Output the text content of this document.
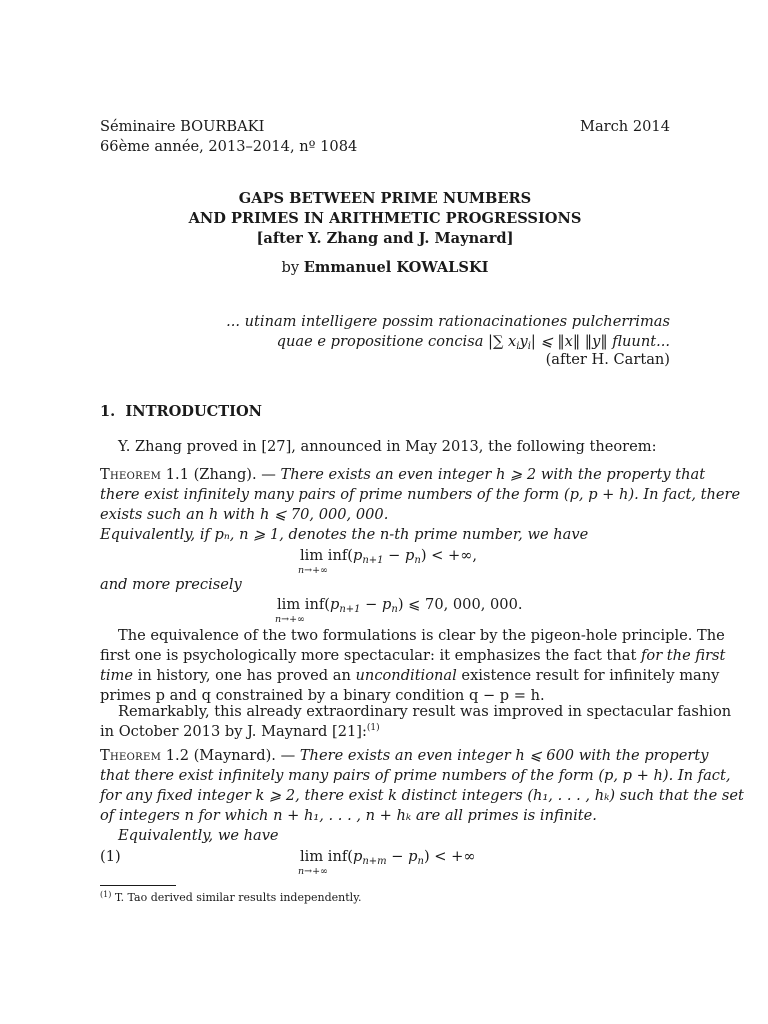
Séminaire BOURBAKI
66ème année, 2013–2014, nº 1084
March 2014
GAPS BETWEEN PRIME NUMBERS
AND PRIMES IN ARITHMETIC PROGRESSIONS
[after Y. Zhang and J. Maynard]
by Emmanuel KOWALSKI
... utinam intelligere possim rationacinationes pulcherrimas
quae e propositione concisa |∑ $x_iy_i|$ ⩽ ‖x‖ ‖y‖ fluunt...
(after H. Cartan)
1. INTRODUCTION
Y. Zhang proved in [27], announced in May 2013, the following theorem:
Theorem 1.1 (Zhang). — There exists an even integer h ⩾ 2 with the property that
there exist infinitely many pairs of prime numbers of the form (p, p + h). In fact, there
exists such an h with h ⩽ 70, 000, 000.
Equivalently, if pₙ, n ⩾ 1, denotes the n-th prime number, we have
lim inf
n→+∞
$(p_{n+1} - p_n)$ < +∞,
and more precisely
lim inf
n→+∞
$(p_{n+1} - p_n)$ ⩽ 70, 000, 000.
The equivalence of the two formulations is clear by the pigeon-hole principle. The
first one is psychologically more spectacular: it emphasizes the fact that for the first
time in history, one has proved an unconditional existence result for infinitely many
primes p and q constrained by a binary condition q − p = h.
Remarkably, this already extraordinary result was improved in spectacular fashion
in October 2013 by J. Maynard [21]:$^{(1)}$
Theorem 1.2 (Maynard). — There exists an even integer h ⩽ 600 with the property
that there exist infinitely many pairs of prime numbers of the form (p, p + h). In fact,
for any fixed integer k ⩾ 2, there exist k distinct integers (h₁, . . . , hₖ) such that the set
of integers n for which n + h₁, . . . , n + hₖ are all primes is infinite.
Equivalently, we have
(1)	lim inf
n→+∞
$(p_{n+m} - p_n)$ < +∞
$^{(1)}$ T. Tao derived similar results independently.
